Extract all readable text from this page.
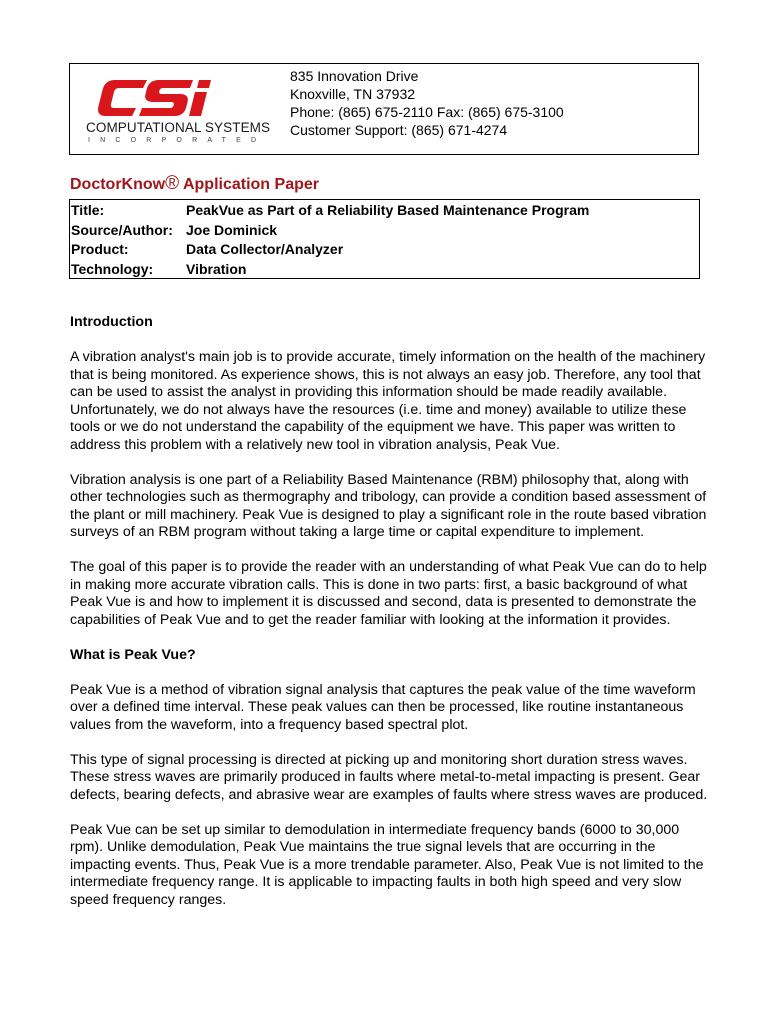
COMPUTATIONAL SYSTEMS
INCORPORATED
835 Innovation Drive
Knoxville, TN 37932
Phone: (865) 675-2110 Fax: (865) 675-3100
Customer Support: (865) 671-4274
DoctorKnow® Application Paper
Title:	PeakVue as Part of a Reliability Based Maintenance Program
Source/Author: Joe Dominick
Product:	Data Collector/Analyzer
Technology:	Vibration
Introduction

A vibration analyst's main job is to provide accurate, timely information on the health of the machinery that is being monitored. As experience shows, this is not always an easy job. Therefore, any tool that can be used to assist the analyst in providing this information should be made readily available. Unfortunately, we do not always have the resources (i.e. time and money) available to utilize these tools or we do not understand the capability of the equipment we have. This paper was written to address this problem with a relatively new tool in vibration analysis, Peak Vue.

Vibration analysis is one part of a Reliability Based Maintenance (RBM) philosophy that, along with other technologies such as thermography and tribology, can provide a condition based assessment of the plant or mill machinery. Peak Vue is designed to play a significant role in the route based vibration surveys of an RBM program without taking a large time or capital expenditure to implement.

The goal of this paper is to provide the reader with an understanding of what Peak Vue can do to help in making more accurate vibration calls. This is done in two parts: first, a basic background of what Peak Vue is and how to implement it is discussed and second, data is presented to demonstrate the capabilities of Peak Vue and to get the reader familiar with looking at the information it provides.

What is Peak Vue?

Peak Vue is a method of vibration signal analysis that captures the peak value of the time waveform over a defined time interval. These peak values can then be processed, like routine instantaneous values from the waveform, into a frequency based spectral plot.

This type of signal processing is directed at picking up and monitoring short duration stress waves. These stress waves are primarily produced in faults where metal-to-metal impacting is present. Gear defects, bearing defects, and abrasive wear are examples of faults where stress waves are produced.

Peak Vue can be set up similar to demodulation in intermediate frequency bands (6000 to 30,000 rpm). Unlike demodulation, Peak Vue maintains the true signal levels that are occurring in the impacting events. Thus, Peak Vue is a more trendable parameter. Also, Peak Vue is not limited to the intermediate frequency range. It is applicable to impacting faults in both high speed and very slow speed frequency ranges.
